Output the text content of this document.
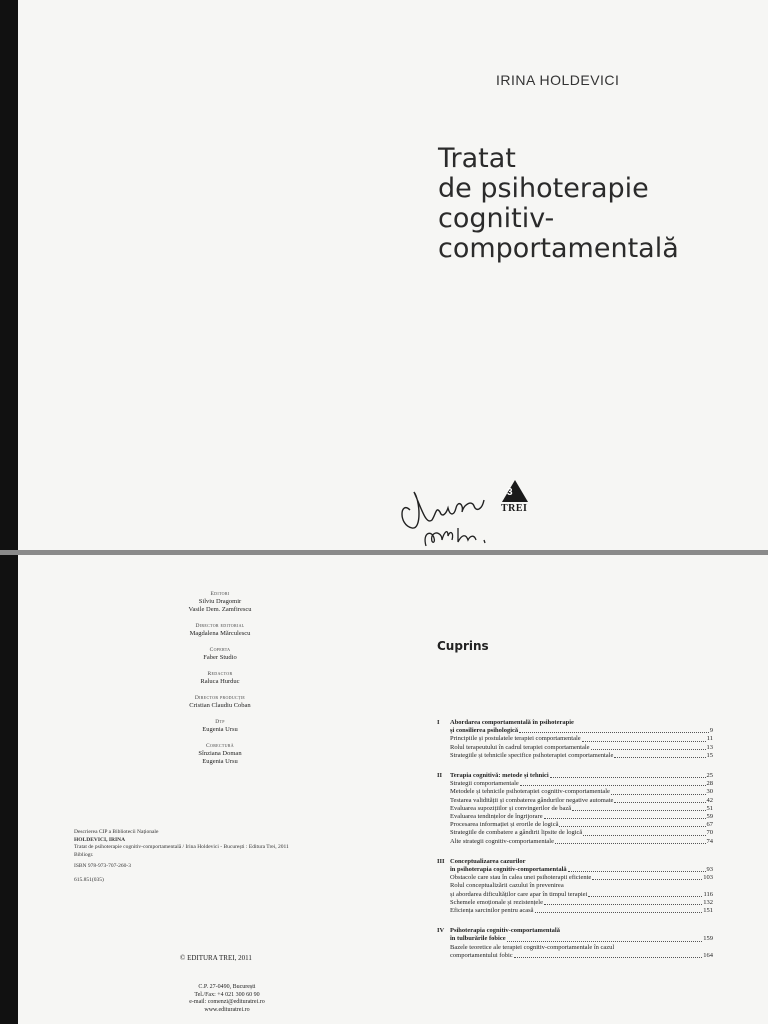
IRINA HOLDEVICI
Tratat
de psihoterapie
cognitiv-
comportamentală
3
TREI
Editori
Silviu Dragomir
Vasile Dem. Zamfirescu
Director editorial
Magdalena Mărculescu
Coperta
Faber Studio
Redactor
Raluca Hurduc
Director producție
Cristian Claudiu Coban
Dtp
Eugenia Ursu
Corectură
Sînziana Doman
Eugenia Ursu
Descrierea CIP a Bibliotecii Naționale
HOLDEVICI, IRINA
Tratat de psihoterapie cognitiv-comportamentală / Irina Holdevici - București : Editura Trei, 2011
Bibliogr.
ISBN 978-973-707-260-3
615.851(035)
© EDITURA TREI, 2011
C.P. 27-0490, București
Tel./Fax: +4 021 300 60 90
e-mail: comenzi@edituratrei.ro
www.edituratrei.ro
Cuprins
I	Abordarea comportamentală în psihoterapie
și consilierea psihologică	9
Principiile și postulatele terapiei comportamentale	11
Rolul terapeutului în cadrul terapiei comportamentale	13
Strategiile și tehnicile specifice psihoterapiei comportamentale	15
II	Terapia cognitivă: metode și tehnici	25
Strategii comportamentale	28
Metodele și tehnicile psihoterapiei cognitiv-comportamentale	30
Testarea validității și combaterea gândurilor negative automate	42
Evaluarea supozițiilor și convingerilor de bază	51
Evaluarea tendințelor de îngrijorare	59
Procesarea informației și erorile de logică	67
Strategiile de combatere a gândirii lipsite de logică	70
Alte strategii cognitiv-comportamentale	74
III Conceptualizarea cazurilor
în psihoterapia cognitiv-comportamentală	93
Obstacole care stau în calea unei psihoterapii eficiente	103
Rolul conceptualizării cazului în prevenirea
și abordarea dificultăților care apar în timpul terapiei	116
Schemele emoționale și rezistențele	132
Eficiența sarcinilor pentru acasă	151
IV Psihoterapia cognitiv-comportamentală
în tulburările fobice	159
Bazele teoretice ale terapiei cognitiv-comportamentale în cazul
comportamentului fobic	164
